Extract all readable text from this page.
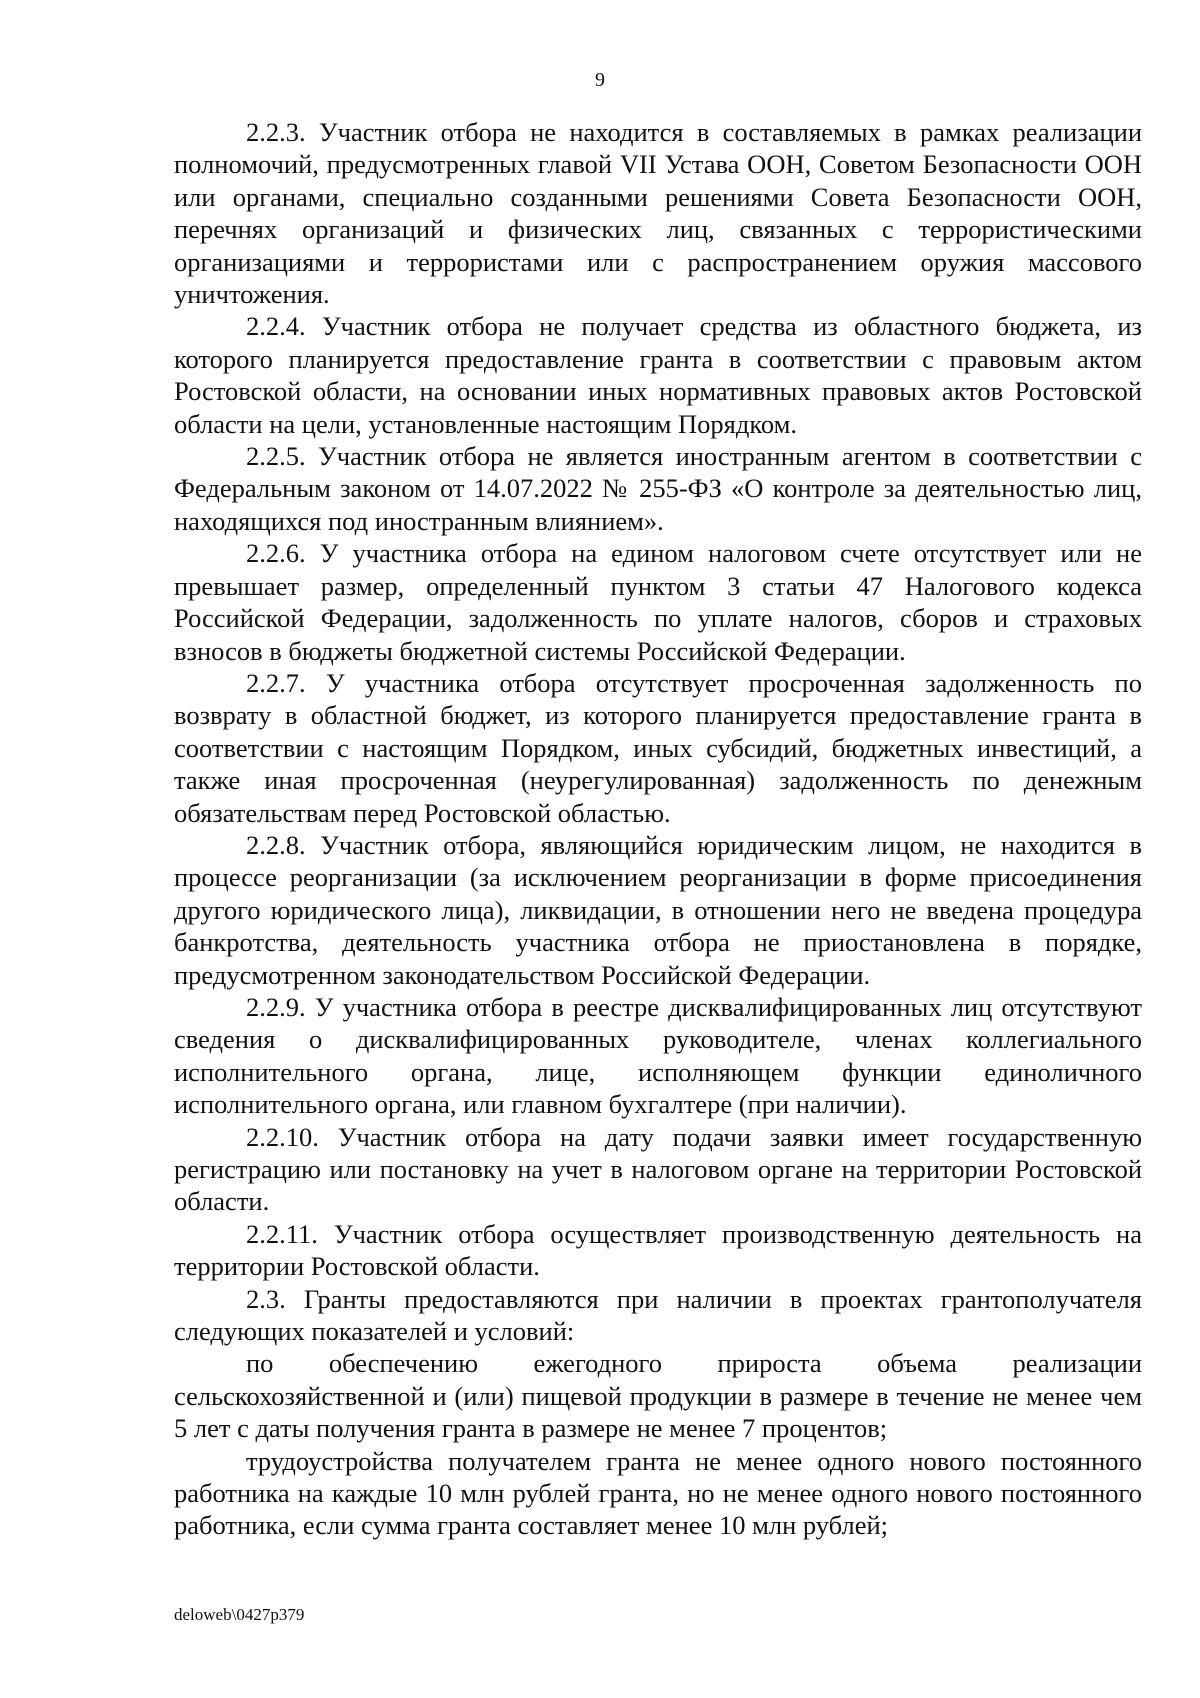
9

2.2.3. Участник отбора не находится в составляемых в рамках реализации полномочий, предусмотренных главой VII Устава ООН, Советом Безопасности ООН или органами, специально созданными решениями Совета Безопасности ООН, перечнях организаций и физических лиц, связанных с террористическими организациями и террористами или с распространением оружия массового уничтожения.

2.2.4. Участник отбора не получает средства из областного бюджета, из которого планируется предоставление гранта в соответствии с правовым актом Ростовской области, на основании иных нормативных правовых актов Ростовской области на цели, установленные настоящим Порядком.

2.2.5. Участник отбора не является иностранным агентом в соответствии с Федеральным законом от 14.07.2022 № 255-ФЗ «О контроле за деятельностью лиц, находящихся под иностранным влиянием».

2.2.6. У участника отбора на едином налоговом счете отсутствует или не превышает размер, определенный пунктом 3 статьи 47 Налогового кодекса Российской Федерации, задолженность по уплате налогов, сборов и страховых взносов в бюджеты бюджетной системы Российской Федерации.

2.2.7. У участника отбора отсутствует просроченная задолженность по возврату в областной бюджет, из которого планируется предоставление гранта в соответствии с настоящим Порядком, иных субсидий, бюджетных инвестиций, а также иная просроченная (неурегулированная) задолженность по денежным обязательствам перед Ростовской областью.

2.2.8. Участник отбора, являющийся юридическим лицом, не находится в процессе реорганизации (за исключением реорганизации в форме присоединения другого юридического лица), ликвидации, в отношении него не введена процедура банкротства, деятельность участника отбора не приостановлена в порядке, предусмотренном законодательством Российской Федерации.

2.2.9. У участника отбора в реестре дисквалифицированных лиц отсутствуют сведения о дисквалифицированных руководителе, членах коллегиального исполнительного органа, лице, исполняющем функции единоличного исполнительного органа, или главном бухгалтере (при наличии).

2.2.10. Участник отбора на дату подачи заявки имеет государственную регистрацию или постановку на учет в налоговом органе на территории Ростовской области.

2.2.11. Участник отбора осуществляет производственную деятельность на территории Ростовской области.

2.3. Гранты предоставляются при наличии в проектах грантополучателя следующих показателей и условий:

по обеспечению ежегодного прироста объема реализации сельскохозяйственной и (или) пищевой продукции в размере в течение не менее чем 5 лет с даты получения гранта в размере не менее 7 процентов;

трудоустройства получателем гранта не менее одного нового постоянного работника на каждые 10 млн рублей гранта, но не менее одного нового постоянного работника, если сумма гранта составляет менее 10 млн рублей;

deloweb\0427p379
